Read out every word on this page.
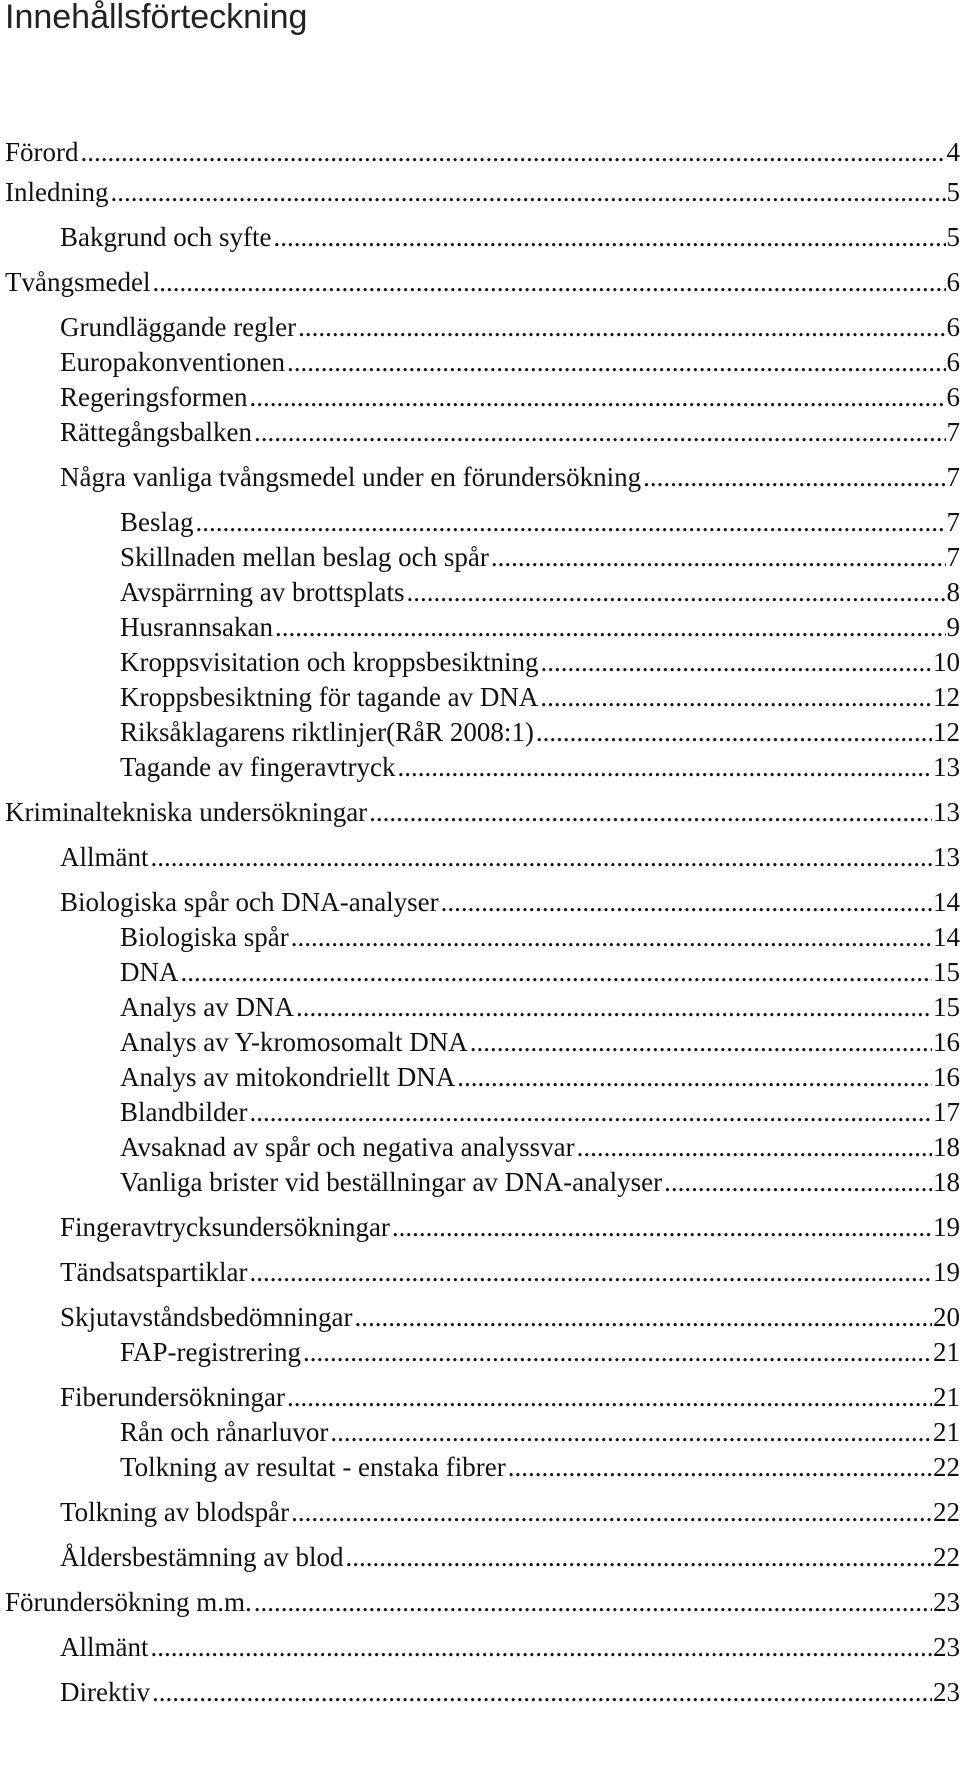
Innehållsförteckning
Förord .....	4
Inledning .....	5
Bakgrund och syfte .....	5
Tvångsmedel .....	6
Grundläggande regler .....	6
Europakonventionen .....	6
Regeringsformen .....	6
Rättegångsbalken .....	7
Några vanliga tvångsmedel under en förundersökning .....	7
Beslag .....	7
Skillnaden mellan beslag och spår .....	7
Avspärrning av brottsplats .....	8
Husrannsakan .....	9
Kroppsvisitation och kroppsbesiktning .....	10
Kroppsbesiktning för tagande av DNA .....	12
Riksåklagarens riktlinjer(RåR 2008:1) .....	12
Tagande av fingeravtryck .....	13
Kriminaltekniska undersökningar .....	13
Allmänt .....	13
Biologiska spår och DNA-analyser .....	14
Biologiska spår .....	14
DNA .....	15
Analys av DNA .....	15
Analys av Y-kromosomalt DNA .....	16
Analys av mitokondriellt DNA .....	16
Blandbilder .....	17
Avsaknad av spår och negativa analyssvar .....	18
Vanliga brister vid beställningar av DNA-analyser .....	18
Fingeravtrycksundersökningar .....	19
Tändsatspartiklar .....	19
Skjutavståndsbedömningar .....	20
FAP-registrering .....	21
Fiberundersökningar .....	21
Rån och rånarluvor .....	21
Tolkning av resultat - enstaka fibrer .....	22
Tolkning av blodspår .....	22
Åldersbestämning av blod .....	22
Förundersökning m.m. .....	23
Allmänt .....	23
Direktiv .....	23
